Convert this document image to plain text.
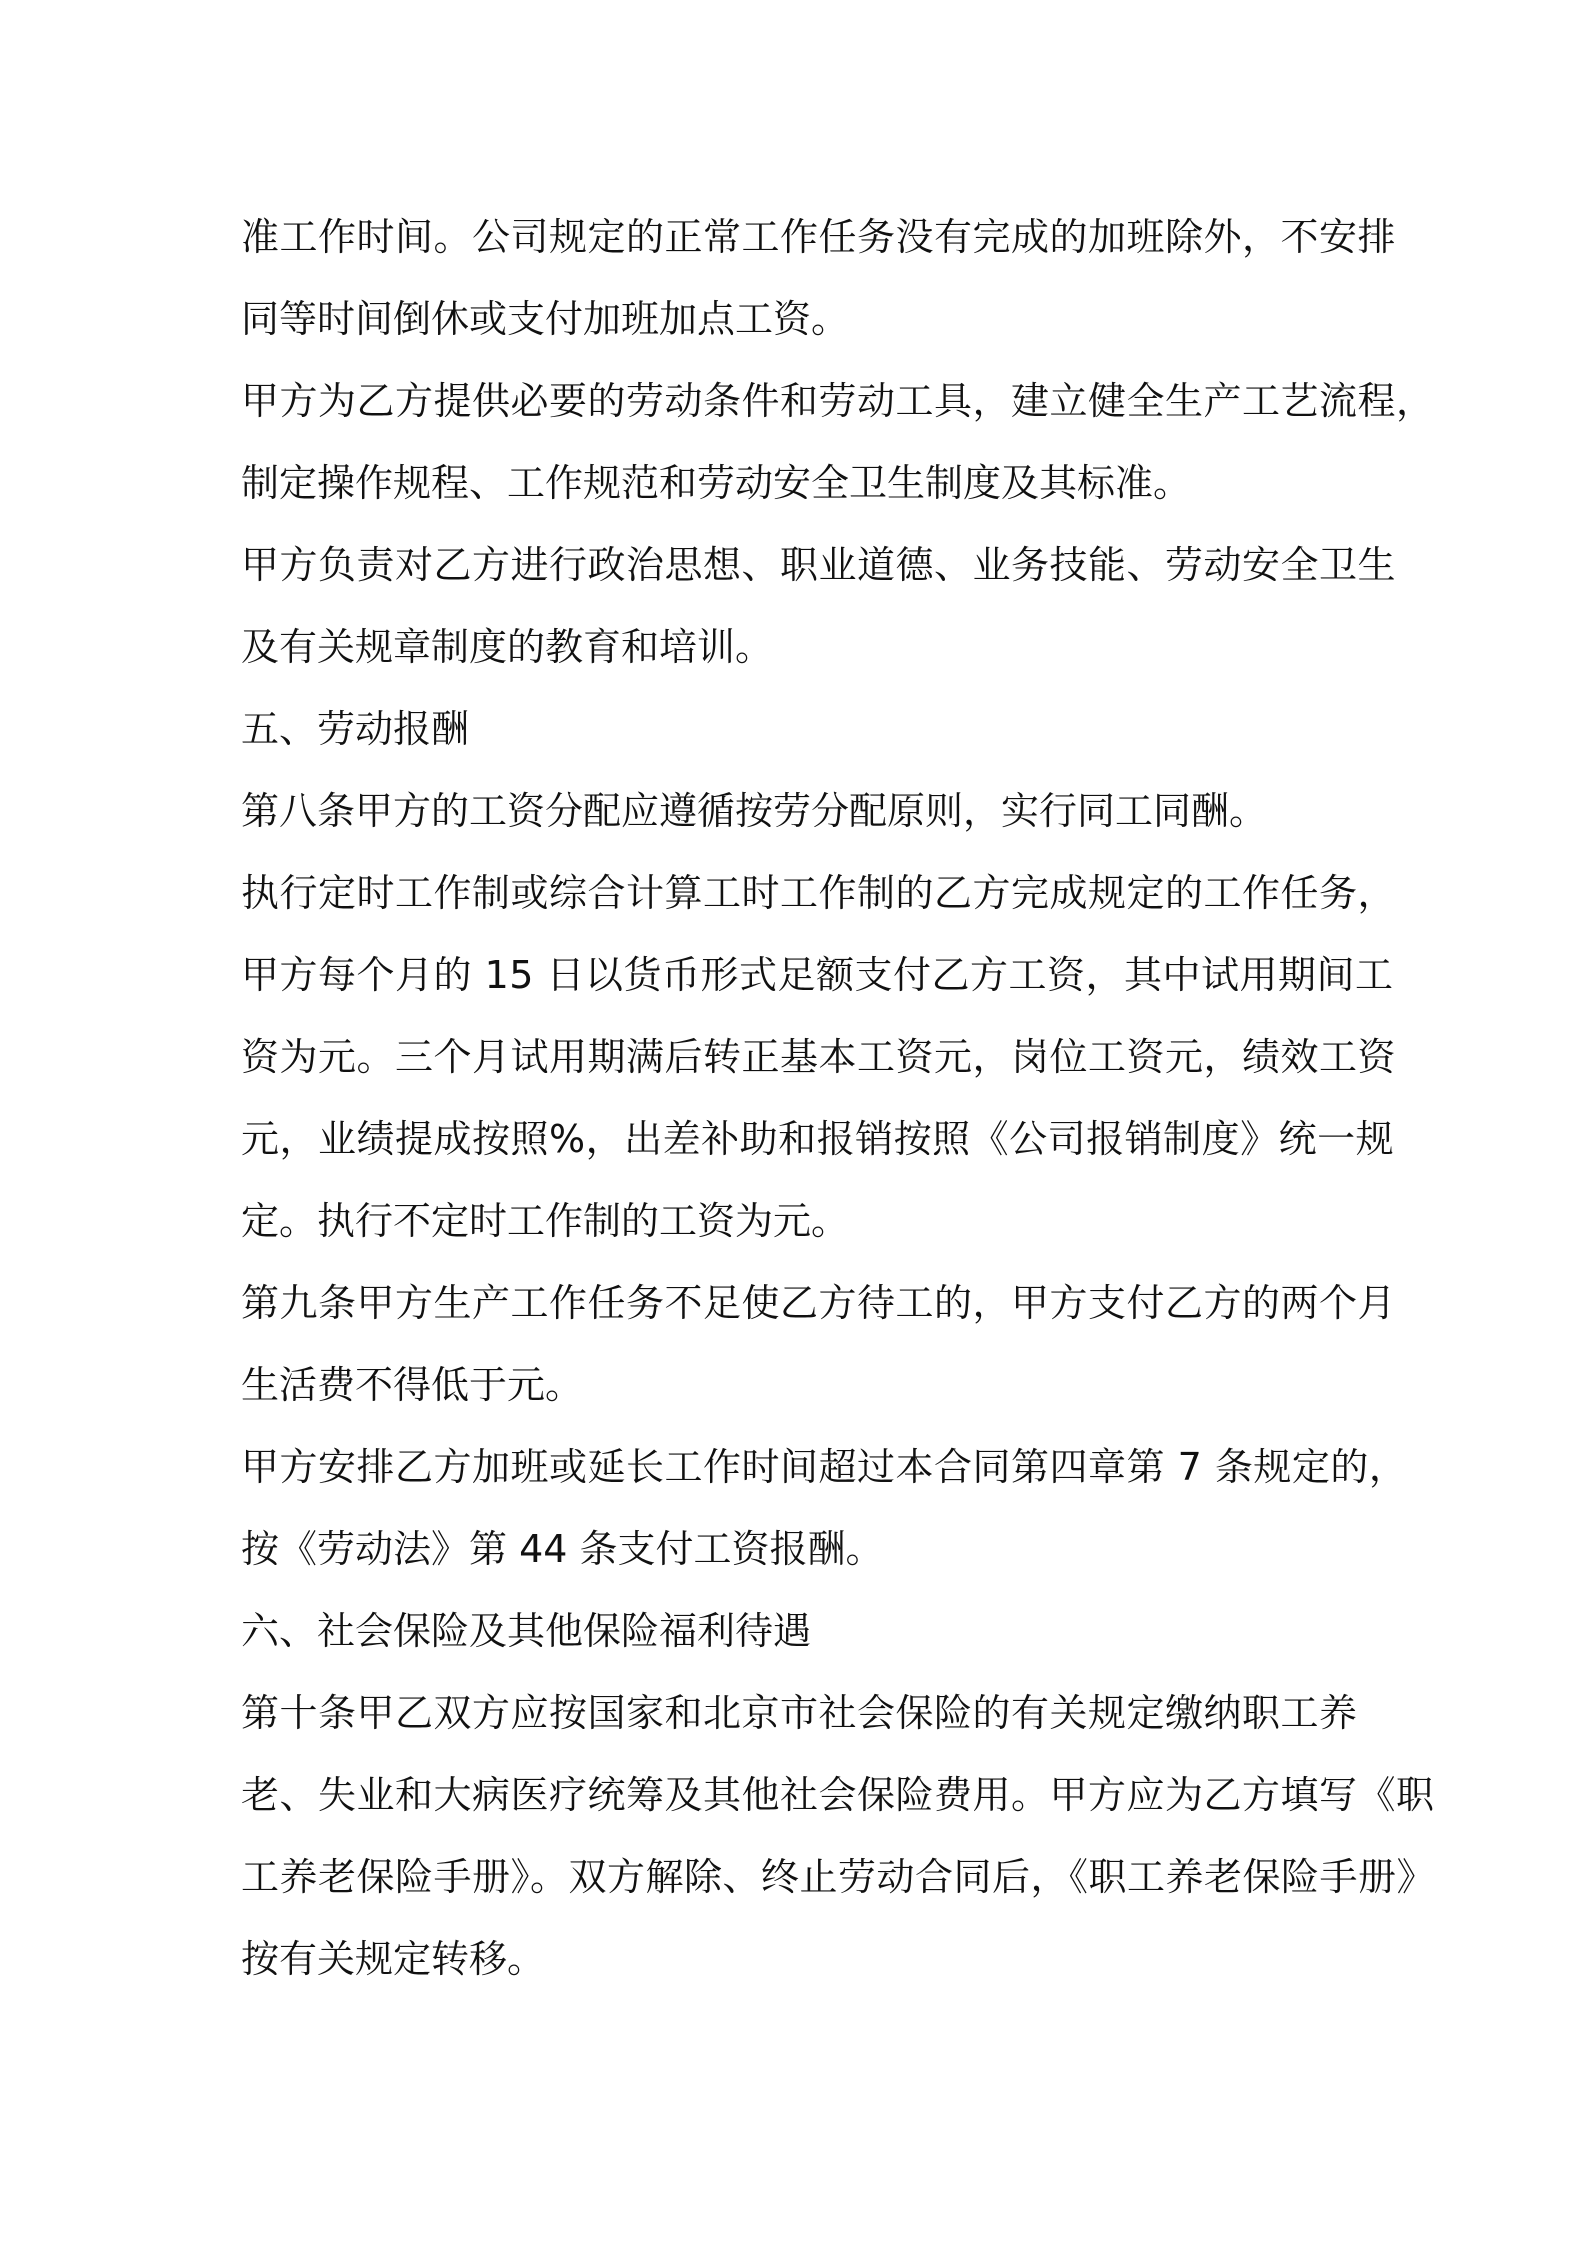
准工作时间。公司规定的正常工作任务没有完成的加班除外，不安排
同等时间倒休或支付加班加点工资。
甲方为乙方提供必要的劳动条件和劳动工具，建立健全生产工艺流程，
制定操作规程、工作规范和劳动安全卫生制度及其标准。
甲方负责对乙方进行政治思想、职业道德、业务技能、劳动安全卫生
及有关规章制度的教育和培训。
五、劳动报酬
第八条甲方的工资分配应遵循按劳分配原则，实行同工同酬。
执行定时工作制或综合计算工时工作制的乙方完成规定的工作任务，
甲方每个月的 15 日以货币形式足额支付乙方工资，其中试用期间工
资为元。三个月试用期满后转正基本工资元，岗位工资元，绩效工资
元，业绩提成按照%，出差补助和报销按照《公司报销制度》统一规
定。执行不定时工作制的工资为元。
第九条甲方生产工作任务不足使乙方待工的，甲方支付乙方的两个月
生活费不得低于元。
甲方安排乙方加班或延长工作时间超过本合同第四章第 7 条规定的，
按《劳动法》第 44 条支付工资报酬。
六、社会保险及其他保险福利待遇
第十条甲乙双方应按国家和北京市社会保险的有关规定缴纳职工养
老、失业和大病医疗统筹及其他社会保险费用。甲方应为乙方填写《职
工养老保险手册》。双方解除、终止劳动合同后，《职工养老保险手册》
按有关规定转移。
